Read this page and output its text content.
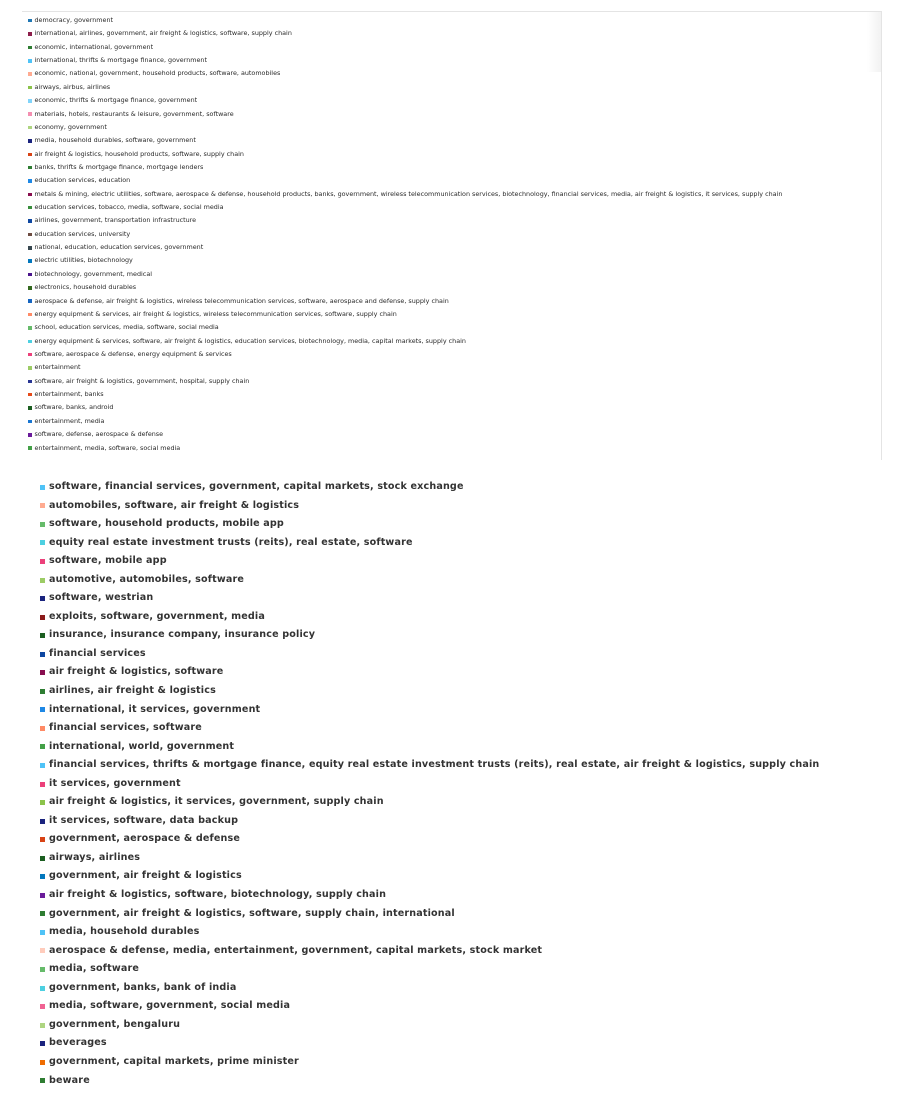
democracy, government
international, airlines, government, air freight & logistics, software, supply chain
economic, international, government
international, thrifts & mortgage finance, government
economic, national, government, household products, software, automobiles
airways, airbus, airlines
economic, thrifts & mortgage finance, government
materials, hotels, restaurants & leisure, government, software
economy, government
media, household durables, software, government
air freight & logistics, household products, software, supply chain
banks, thrifts & mortgage finance, mortgage lenders
education services, education
metals & mining, electric utilities, software, aerospace & defense, household products, banks, government, wireless telecommunication services, biotechnology, financial services, media, air freight & logistics, it services, supply chain
education services, tobacco, media, software, social media
airlines, government, transportation infrastructure
education services, university
national, education, education services, government
electric utilities, biotechnology
biotechnology, government, medical
electronics, household durables
aerospace & defense, air freight & logistics, wireless telecommunication services, software, aerospace and defense, supply chain
energy equipment & services, air freight & logistics, wireless telecommunication services, software, supply chain
school, education services, media, software, social media
energy equipment & services, software, air freight & logistics, education services, biotechnology, media, capital markets, supply chain
software, aerospace & defense, energy equipment & services
entertainment
software, air freight & logistics, government, hospital, supply chain
entertainment, banks
software, banks, android
entertainment, media
software, defense, aerospace & defense
entertainment, media, software, social media
software, financial services, government, capital markets, stock exchange
automobiles, software, air freight & logistics
software, household products, mobile app
equity real estate investment trusts (reits), real estate, software
software, mobile app
automotive, automobiles, software
software, westrian
exploits, software, government, media
insurance, insurance company, insurance policy
financial services
air freight & logistics, software
airlines, air freight & logistics
international, it services, government
financial services, software
international, world, government
financial services, thrifts & mortgage finance, equity real estate investment trusts (reits), real estate, air freight & logistics, supply chain
it services, government
air freight & logistics, it services, government, supply chain
it services, software, data backup
government, aerospace & defense
airways, airlines
government, air freight & logistics
air freight & logistics, software, biotechnology, supply chain
government, air freight & logistics, software, supply chain, international
media, household durables
aerospace & defense, media, entertainment, government, capital markets, stock market
media, software
government, banks, bank of india
media, software, government, social media
government, bengaluru
beverages
government, capital markets, prime minister
beware
